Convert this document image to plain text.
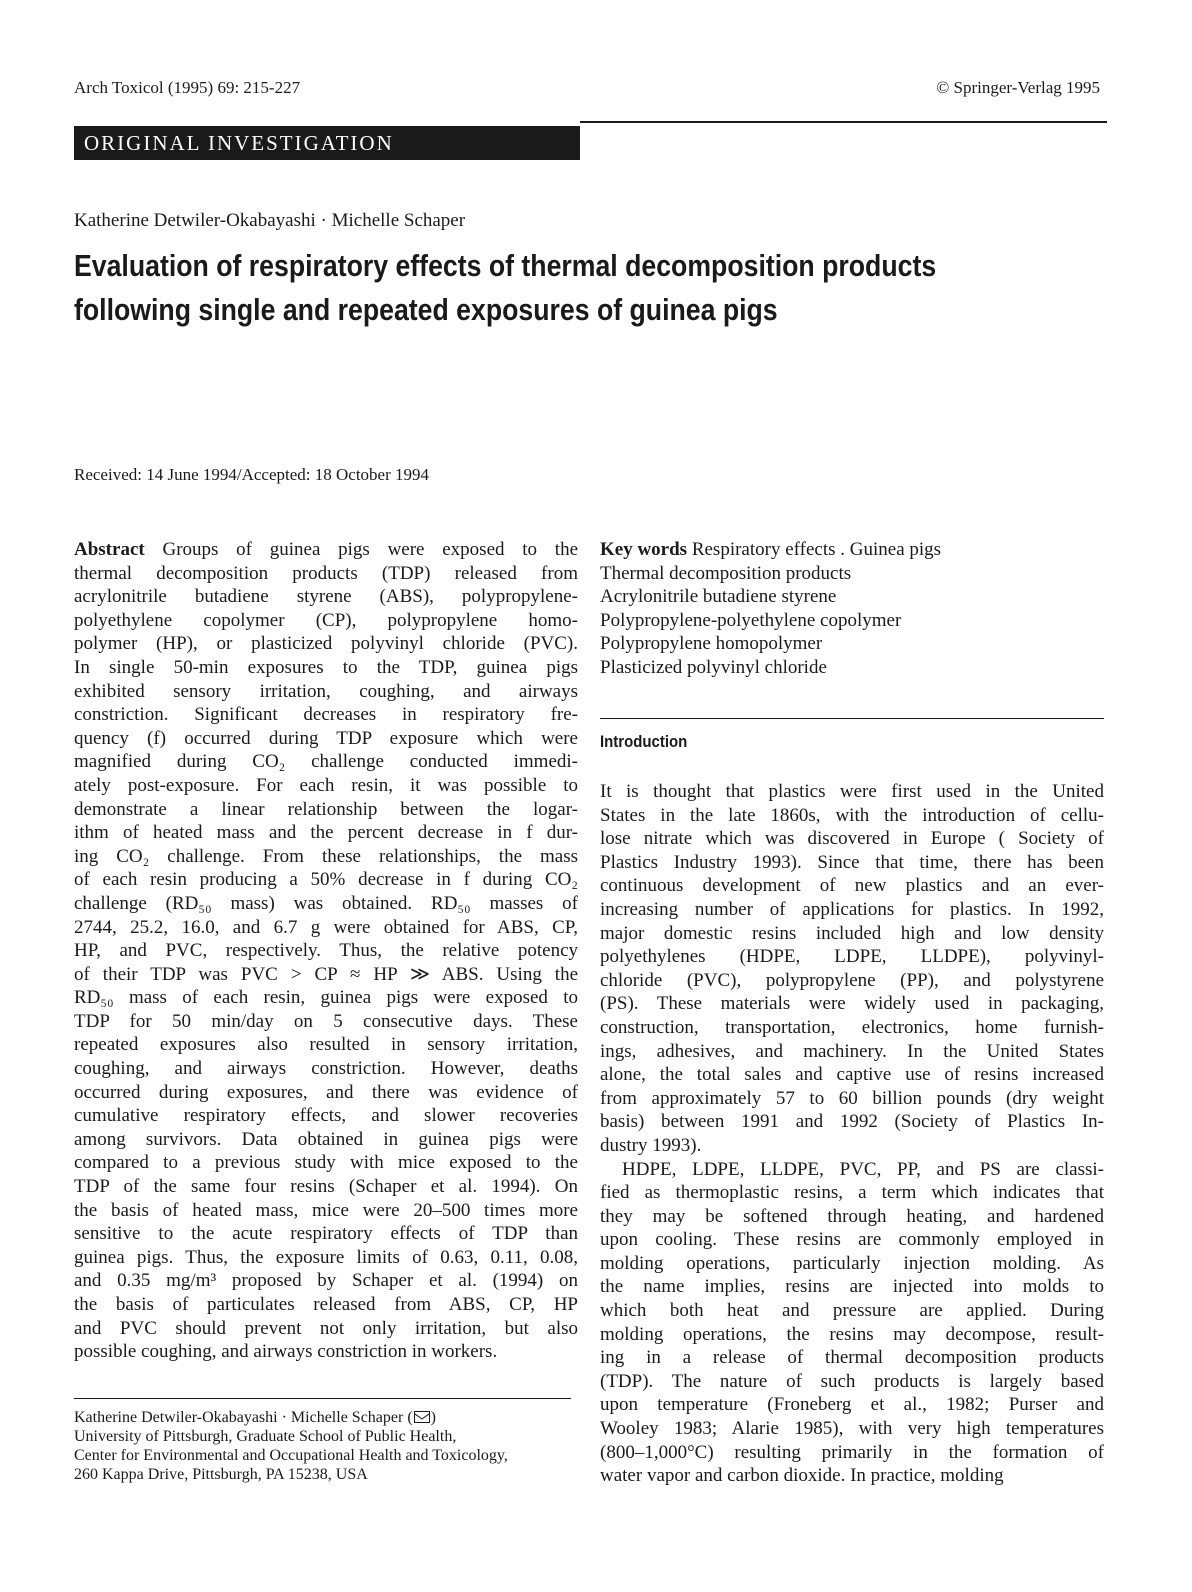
Arch Toxicol (1995) 69: 215-227	© Springer-Verlag 1995
ORIGINAL INVESTIGATION
Katherine Detwiler-Okabayashi · Michelle Schaper
Evaluation of respiratory effects of thermal decomposition products
following single and repeated exposures of guinea pigs
Received: 14 June 1994/Accepted: 18 October 1994
Abstract Groups of guinea pigs were exposed to the
thermal decomposition products (TDP) released from
acrylonitrile butadiene styrene (ABS), polypropylene-
polyethylene copolymer (CP), polypropylene homo-
polymer (HP), or plasticized polyvinyl chloride (PVC).
In single 50-min exposures to the TDP, guinea pigs
exhibited sensory irritation, coughing, and airways
constriction. Significant decreases in respiratory fre-
quency (f) occurred during TDP exposure which were
magnified during CO₂ challenge conducted immedi-
ately post-exposure. For each resin, it was possible to
demonstrate a linear relationship between the logar-
ithm of heated mass and the percent decrease in f dur-
ing CO₂ challenge. From these relationships, the mass
of each resin producing a 50% decrease in f during CO₂
challenge (RD₅₀ mass) was obtained. RD₅₀ masses of
2744, 25.2, 16.0, and 6.7 g were obtained for ABS, CP,
HP, and PVC, respectively. Thus, the relative potency
of their TDP was PVC > CP ≈ HP ≫ ABS. Using the
RD₅₀ mass of each resin, guinea pigs were exposed to
TDP for 50 min/day on 5 consecutive days. These
repeated exposures also resulted in sensory irritation,
coughing, and airways constriction. However, deaths
occurred during exposures, and there was evidence of
cumulative respiratory effects, and slower recoveries
among survivors. Data obtained in guinea pigs were
compared to a previous study with mice exposed to the
TDP of the same four resins (Schaper et al. 1994). On
the basis of heated mass, mice were 20–500 times more
sensitive to the acute respiratory effects of TDP than
guinea pigs. Thus, the exposure limits of 0.63, 0.11, 0.08,
and 0.35 mg/m³ proposed by Schaper et al. (1994) on
the basis of particulates released from ABS, CP, HP
and PVC should prevent not only irritation, but also
possible coughing, and airways constriction in workers.
Key words Respiratory effects . Guinea pigs
Thermal decomposition products
Acrylonitrile butadiene styrene
Polypropylene-polyethylene copolymer
Polypropylene homopolymer
Plasticized polyvinyl chloride
Introduction
It is thought that plastics were first used in the United
States in the late 1860s, with the introduction of cellu-
lose nitrate which was discovered in Europe ( Society of
Plastics Industry 1993). Since that time, there has been
continuous development of new plastics and an ever-
increasing number of applications for plastics. In 1992,
major domestic resins included high and low density
polyethylenes (HDPE, LDPE, LLDPE), polyvinyl-
chloride (PVC), polypropylene (PP), and polystyrene
(PS). These materials were widely used in packaging,
construction, transportation, electronics, home furnish-
ings, adhesives, and machinery. In the United States
alone, the total sales and captive use of resins increased
from approximately 57 to 60 billion pounds (dry weight
basis) between 1991 and 1992 (Society of Plastics In-
dustry 1993).
HDPE, LDPE, LLDPE, PVC, PP, and PS are classi-
fied as thermoplastic resins, a term which indicates that
they may be softened through heating, and hardened
upon cooling. These resins are commonly employed in
molding operations, particularly injection molding. As
the name implies, resins are injected into molds to
which both heat and pressure are applied. During
molding operations, the resins may decompose, result-
ing in a release of thermal decomposition products
(TDP). The nature of such products is largely based
upon temperature (Froneberg et al., 1982; Purser and
Wooley 1983; Alarie 1985), with very high temperatures
(800–1,000°C) resulting primarily in the formation of
water vapor and carbon dioxide. In practice, molding
Katherine Detwiler-Okabayashi · Michelle Schaper ( )
University of Pittsburgh, Graduate School of Public Health,
Center for Environmental and Occupational Health and Toxicology,
260 Kappa Drive, Pittsburgh, PA 15238, USA
